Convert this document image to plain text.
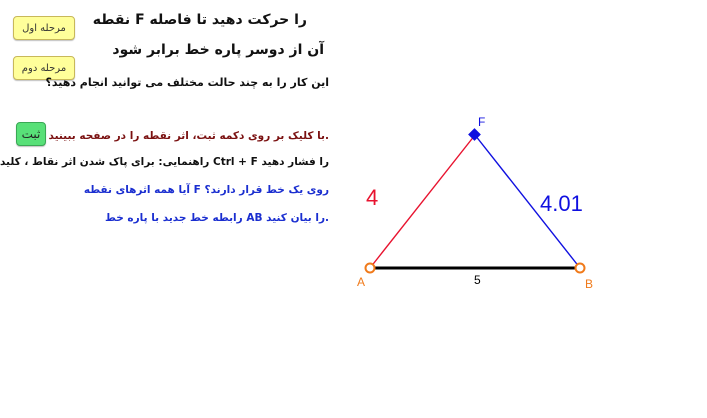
مرحله اول
مرحله دوم
ثبت
را حرکت دهید تا فاصله F نقطه
آن از دوسر پاره خط برابر شود
این کار را به چند حالت مختلف می توانید انجام دهید؟
.با کلیک بر روی دکمه ثبت، اثر نقطه را در صفحه ببینید
را فشار دهید Ctrl + F راهنمایی: برای پاک شدن اثر نقاط ، کلید
روی یک خط قرار دارند؟ F آیا همه اثرهای نقطه
.را بیان کنید AB رابطه خط جدید با پاره خط
A	B
F
4	4.01
5
